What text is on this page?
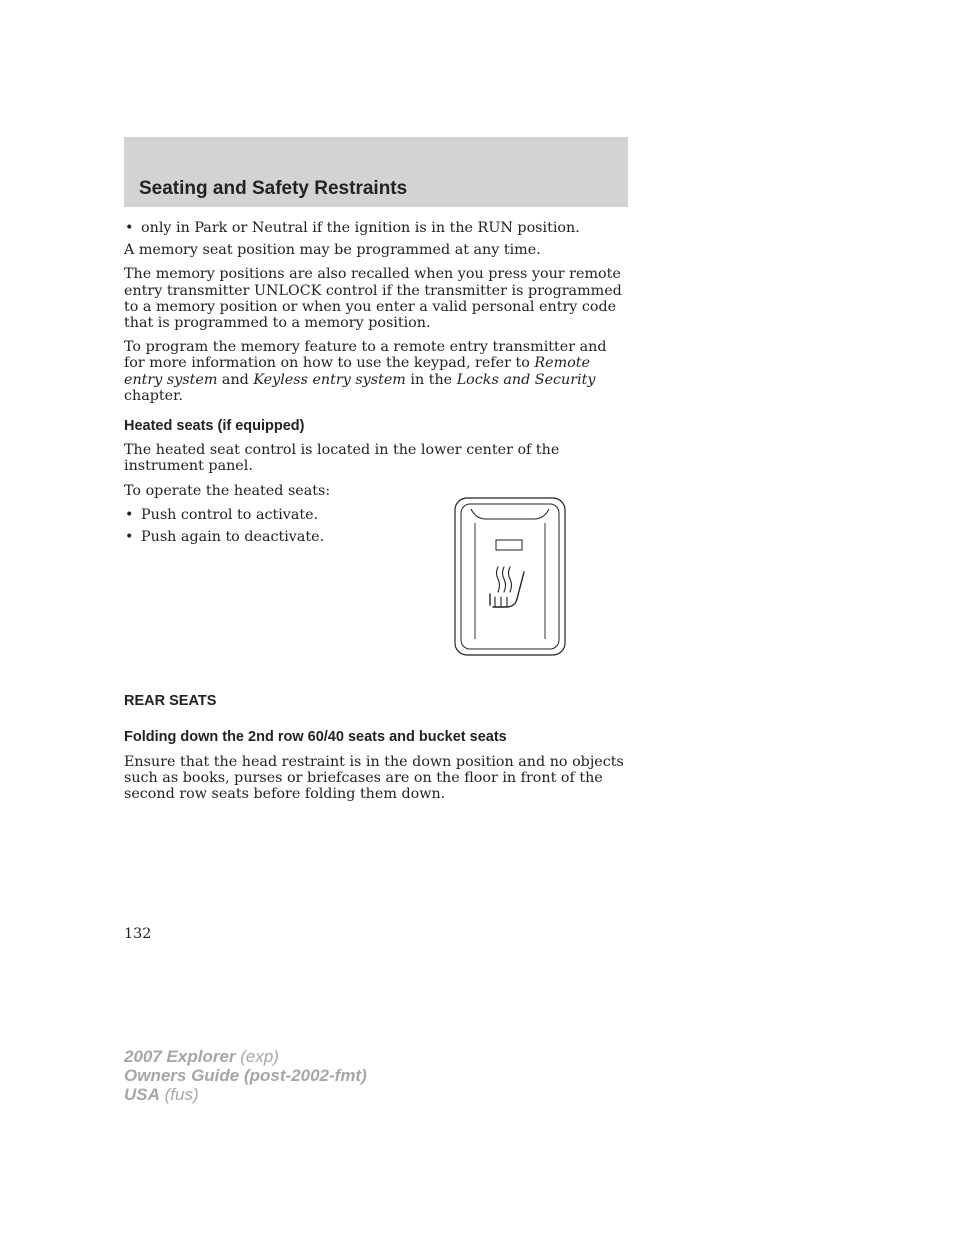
Seating and Safety Restraints
• only in Park or Neutral if the ignition is in the RUN position.

A memory seat position may be programmed at any time.

The memory positions are also recalled when you press your remote entry transmitter UNLOCK control if the transmitter is programmed to a memory position or when you enter a valid personal entry code that is programmed to a memory position.

To program the memory feature to a remote entry transmitter and for more information on how to use the keypad, refer to Remote entry system and Keyless entry system in the Locks and Security chapter.

Heated seats (if equipped)

The heated seat control is located in the lower center of the instrument panel.

To operate the heated seats:

• Push control to activate.
• Push again to deactivate.
REAR SEATS
Folding down the 2nd row 60/40 seats and bucket seats

Ensure that the head restraint is in the down position and no objects such as books, purses or briefcases are on the floor in front of the second row seats before folding them down.

132
2007 Explorer (exp)
Owners Guide (post-2002-fmt)
USA (fus)
